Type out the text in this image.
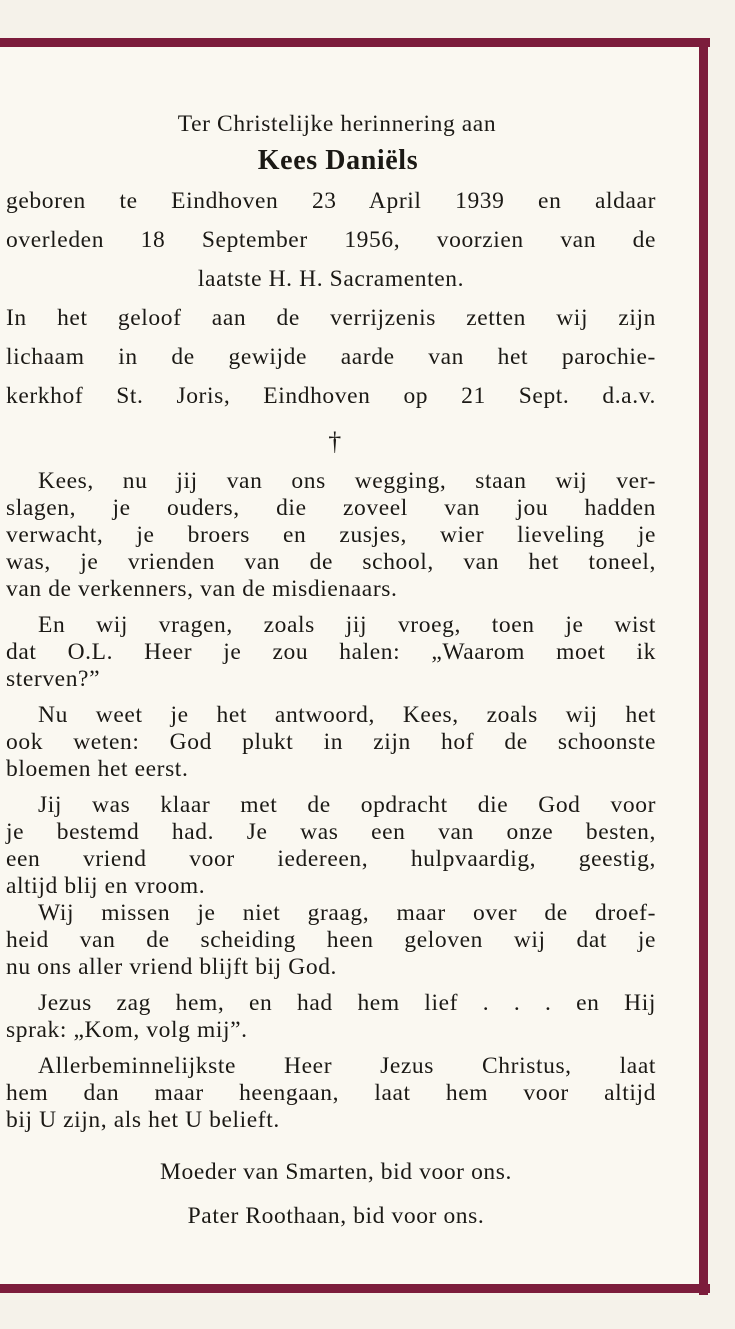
Ter Christelijke herinnering aan
Kees Daniëls

geboren te Eindhoven 23 April 1939 en aldaar

overleden 18 September 1956, voorzien van de

laatste H. H. Sacramenten.

In het geloof aan de verrijzenis zetten wij zijn

lichaam in de gewijde aarde van het parochie-

kerkhof St. Joris, Eindhoven op 21 Sept. d.a.v.

†
Kees, nu jij van ons wegging, staan wij ver-
slagen, je ouders, die zoveel van jou hadden
verwacht, je broers en zusjes, wier lieveling je
was, je vrienden van de school, van het toneel,
van de verkenners, van de misdienaars.
En wij vragen, zoals jij vroeg, toen je wist
dat O.L. Heer je zou halen: „Waarom moet ik
sterven?”
Nu weet je het antwoord, Kees, zoals wij het
ook weten: God plukt in zijn hof de schoonste
bloemen het eerst.
Jij was klaar met de opdracht die God voor
je bestemd had. Je was een van onze besten,
een vriend voor iedereen, hulpvaardig, geestig,
altijd blij en vroom.
Wij missen je niet graag, maar over de droef-
heid van de scheiding heen geloven wij dat je
nu ons aller vriend blijft bij God.
Jezus zag hem, en had hem lief . . . en Hij
sprak: „Kom, volg mij”.
Allerbeminnelijkste Heer Jezus Christus, laat
hem dan maar heengaan, laat hem voor altijd
bij U zijn, als het U belieft.
Moeder van Smarten, bid voor ons.
Pater Roothaan, bid voor ons.
